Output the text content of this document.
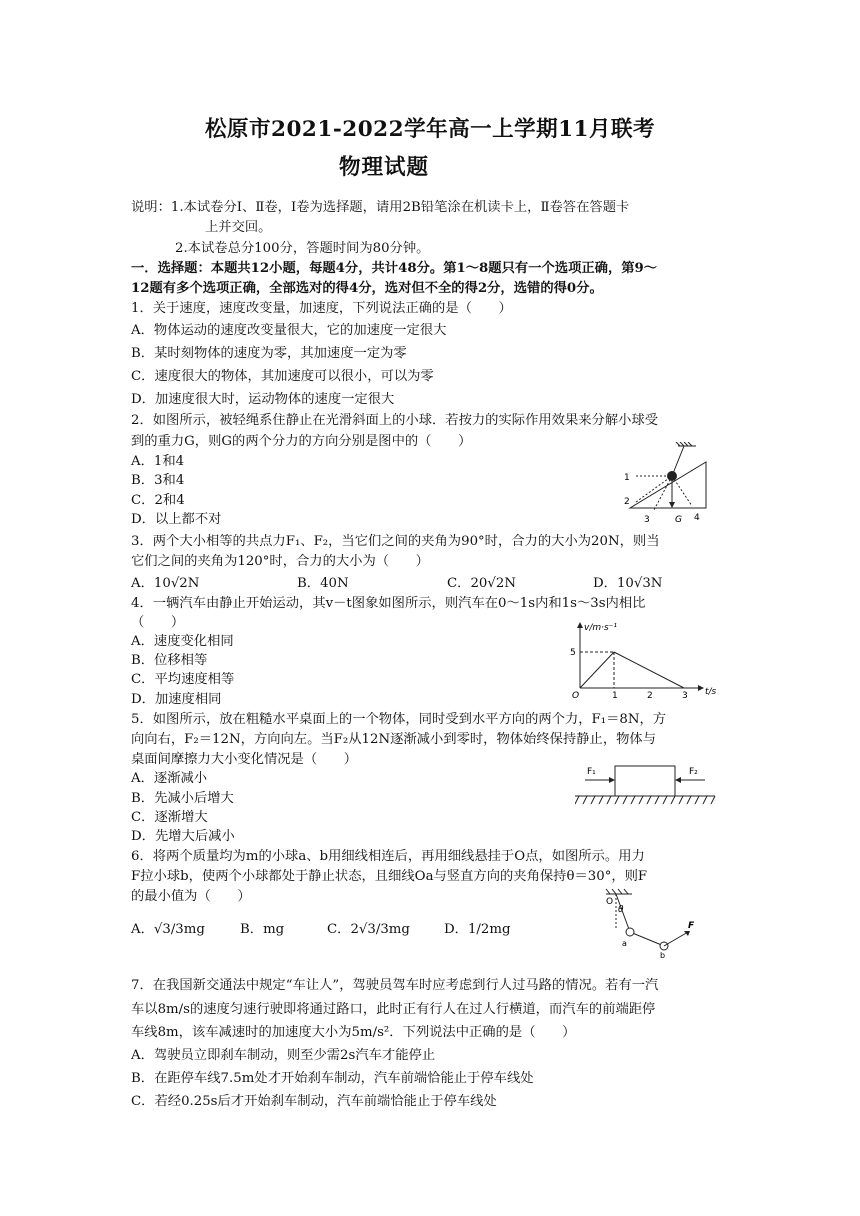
松原市2021-2022学年高一上学期11月联考
物理试题
说明：1.本试卷分Ⅰ、Ⅱ卷，Ⅰ卷为选择题，请用2B铅笔涂在机读卡上，Ⅱ卷答在答题卡
上并交回。
2.本试卷总分100分，答题时间为80分钟。
一．选择题：本题共12小题，每题4分，共计48分。第1～8题只有一个选项正确，第9～
12题有多个选项正确，全部选对的得4分，选对但不全的得2分，选错的得0分。
1．关于速度，速度改变量，加速度，下列说法正确的是（　　）
A．物体运动的速度改变量很大，它的加速度一定很大
B．某时刻物体的速度为零，其加速度一定为零
C．速度很大的物体，其加速度可以很小，可以为零
D．加速度很大时，运动物体的速度一定很大
2．如图所示，被轻绳系住静止在光滑斜面上的小球．若按力的实际作用效果来分解小球受
到的重力G，则G的两个分力的方向分别是图中的（　　）
A．1和4
B．3和4
C．2和4
D．以上都不对
1
2
3	G 4
3．两个大小相等的共点力F₁、F₂，当它们之间的夹角为90°时，合力的大小为20N，则当
它们之间的夹角为120°时，合力的大小为（　　）
A．10√2N	B．40N	C．20√2N	D．10√3N
4．一辆汽车由静止开始运动，其v－t图象如图所示，则汽车在0～1s内和1s～3s内相比
（　　）
A．速度变化相同
B．位移相等
C．平均速度相等
D．加速度相同
v/m·s⁻¹
t/s
O
5
1	2	3
5．如图所示，放在粗糙水平桌面上的一个物体，同时受到水平方向的两个力，F₁＝8N，方
向向右，F₂＝12N，方向向左。当F₂从12N逐渐减小到零时，物体始终保持静止，物体与
桌面间摩擦力大小变化情况是（　　）
A．逐渐减小
B．先减小后增大
C．逐渐增大
D．先增大后减小
F₁	F₂
6．将两个质量均为m的小球a、b用细线相连后，再用细线悬挂于O点，如图所示。用力
F拉小球b，使两个小球都处于静止状态，且细线Oa与竖直方向的夹角保持θ＝30°，则F
的最小值为（　　）
A．√3/3mg	B．mg	C．2√3/3mg	D．1/2mg
O
θ
a
b
F
7．在我国新交通法中规定“车让人”，驾驶员驾车时应考虑到行人过马路的情况。若有一汽
车以8m/s的速度匀速行驶即将通过路口，此时正有行人在过人行横道，而汽车的前端距停
车线8m，该车减速时的加速度大小为5m/s²．下列说法中正确的是（　　）
A．驾驶员立即刹车制动，则至少需2s汽车才能停止
B．在距停车线7.5m处才开始刹车制动，汽车前端恰能止于停车线处
C．若经0.25s后才开始刹车制动，汽车前端恰能止于停车线处
